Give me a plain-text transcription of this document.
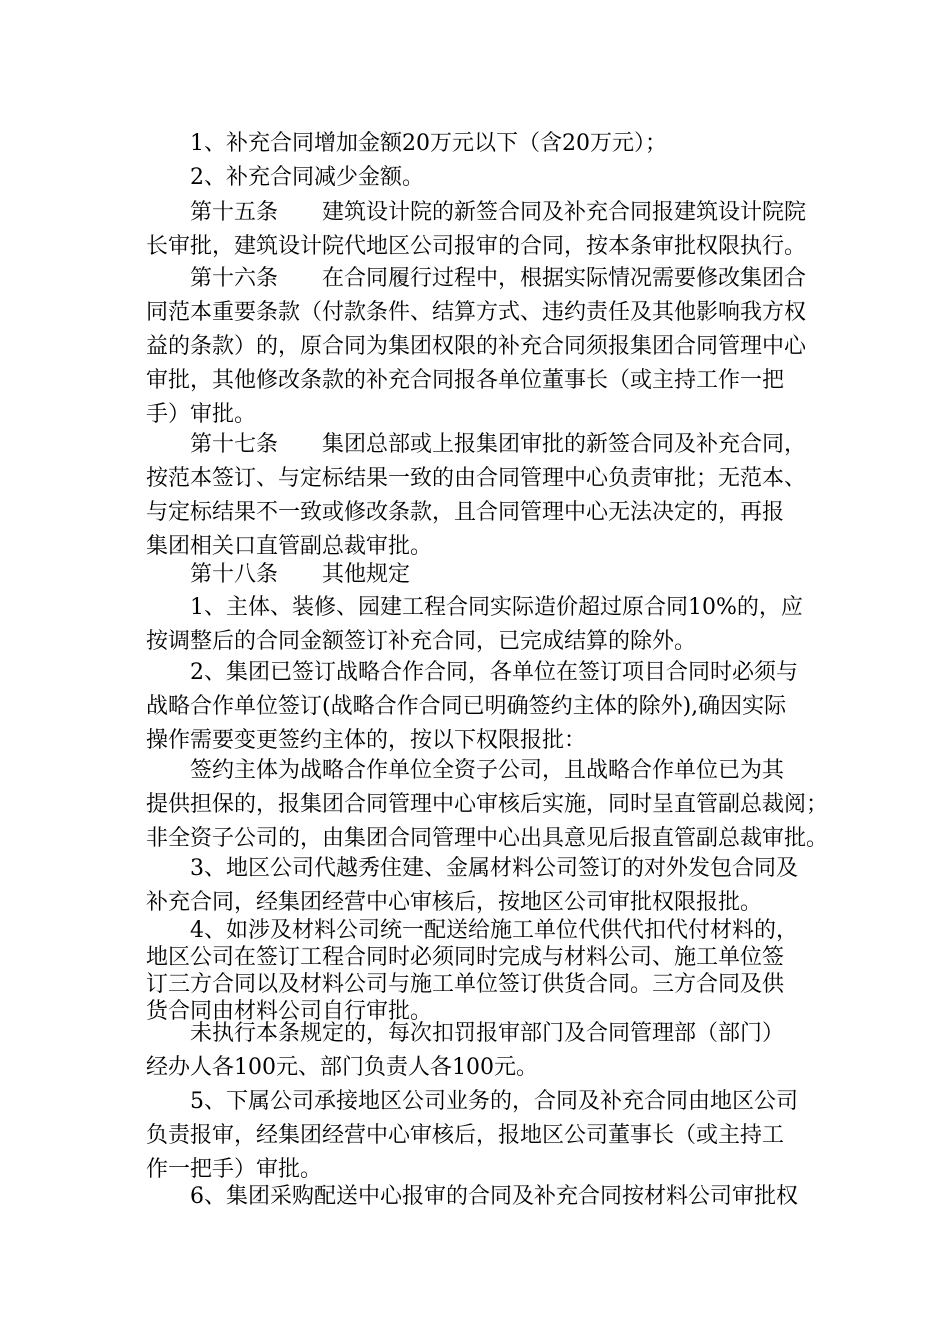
　　1、补充合同增加金额20万元以下（含20万元）；
　　2、补充合同减少金额。
　　第十五条　　建筑设计院的新签合同及补充合同报建筑设计院院
长审批，建筑设计院代地区公司报审的合同，按本条审批权限执行。
　　第十六条　　在合同履行过程中，根据实际情况需要修改集团合
同范本重要条款（付款条件、结算方式、违约责任及其他影响我方权
益的条款）的，原合同为集团权限的补充合同须报集团合同管理中心
审批，其他修改条款的补充合同报各单位董事长（或主持工作一把
手）审批。
　　第十七条　　集团总部或上报集团审批的新签合同及补充合同，
按范本签订、与定标结果一致的由合同管理中心负责审批；无范本、
与定标结果不一致或修改条款，且合同管理中心无法决定的，再报
集团相关口直管副总裁审批。
　　第十八条　　其他规定
　　1、主体、装修、园建工程合同实际造价超过原合同10%的，应
按调整后的合同金额签订补充合同，已完成结算的除外。
　　2、集团已签订战略合作合同，各单位在签订项目合同时必须与
战略合作单位签订(战略合作合同已明确签约主体的除外),确因实际
操作需要变更签约主体的，按以下权限报批：
　　签约主体为战略合作单位全资子公司，且战略合作单位已为其
提供担保的，报集团合同管理中心审核后实施，同时呈直管副总裁阅；
非全资子公司的，由集团合同管理中心出具意见后报直管副总裁审批。
　　3、地区公司代越秀住建、金属材料公司签订的对外发包合同及
补充合同，经集团经营中心审核后，按地区公司审批权限报批。
　　4、如涉及材料公司统一配送给施工单位代供代扣代付材料的，
地区公司在签订工程合同时必须同时完成与材料公司、施工单位签
订三方合同以及材料公司与施工单位签订供货合同。三方合同及供
货合同由材料公司自行审批。
　　未执行本条规定的，每次扣罚报审部门及合同管理部（部门）
经办人各100元、部门负责人各100元。
　　5、下属公司承接地区公司业务的，合同及补充合同由地区公司
负责报审，经集团经营中心审核后，报地区公司董事长（或主持工
作一把手）审批。
　　6、集团采购配送中心报审的合同及补充合同按材料公司审批权
